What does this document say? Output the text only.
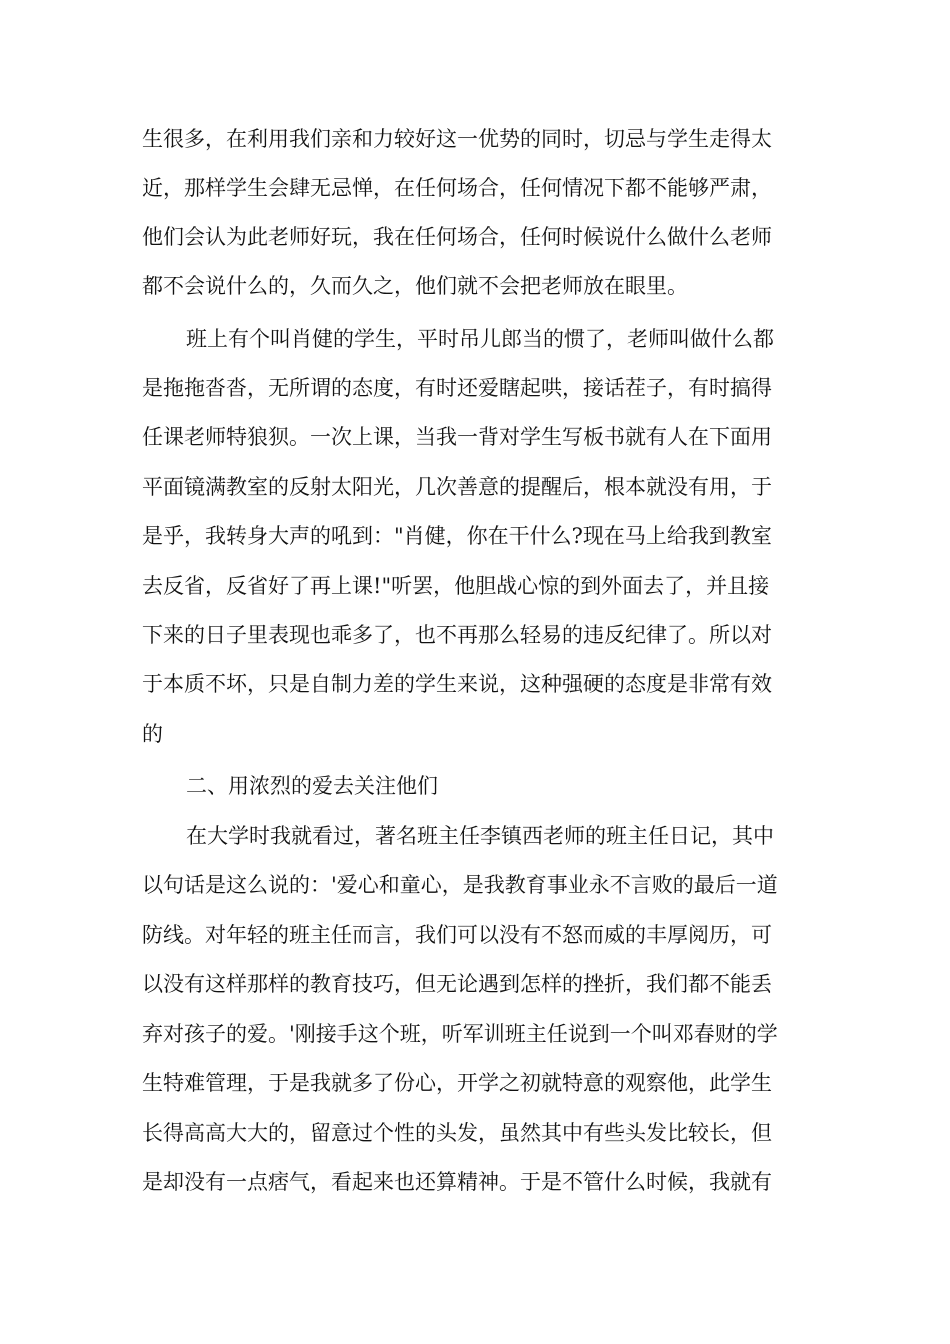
生很多，在利用我们亲和力较好这一优势的同时，切忌与学生走得太
近，那样学生会肆无忌惮，在任何场合，任何情况下都不能够严肃，
他们会认为此老师好玩，我在任何场合，任何时候说什么做什么老师
都不会说什么的，久而久之，他们就不会把老师放在眼里。
班上有个叫肖健的学生，平时吊儿郎当的惯了，老师叫做什么都
是拖拖沓沓，无所谓的态度，有时还爱瞎起哄，接话茬子，有时搞得
任课老师特狼狈。一次上课，当我一背对学生写板书就有人在下面用
平面镜满教室的反射太阳光，几次善意的提醒后，根本就没有用，于
是乎，我转身大声的吼到："肖健，你在干什么?现在马上给我到教室
去反省，反省好了再上课!"听罢，他胆战心惊的到外面去了，并且接
下来的日子里表现也乖多了，也不再那么轻易的违反纪律了。所以对
于本质不坏，只是自制力差的学生来说，这种强硬的态度是非常有效
的
二、用浓烈的爱去关注他们
在大学时我就看过，著名班主任李镇西老师的班主任日记，其中
以句话是这么说的：'爱心和童心，是我教育事业永不言败的最后一道
防线。对年轻的班主任而言，我们可以没有不怒而威的丰厚阅历，可
以没有这样那样的教育技巧，但无论遇到怎样的挫折，我们都不能丢
弃对孩子的爱。'刚接手这个班，听军训班主任说到一个叫邓春财的学
生特难管理，于是我就多了份心，开学之初就特意的观察他，此学生
长得高高大大的，留意过个性的头发，虽然其中有些头发比较长，但
是却没有一点痞气，看起来也还算精神。于是不管什么时候，我就有
